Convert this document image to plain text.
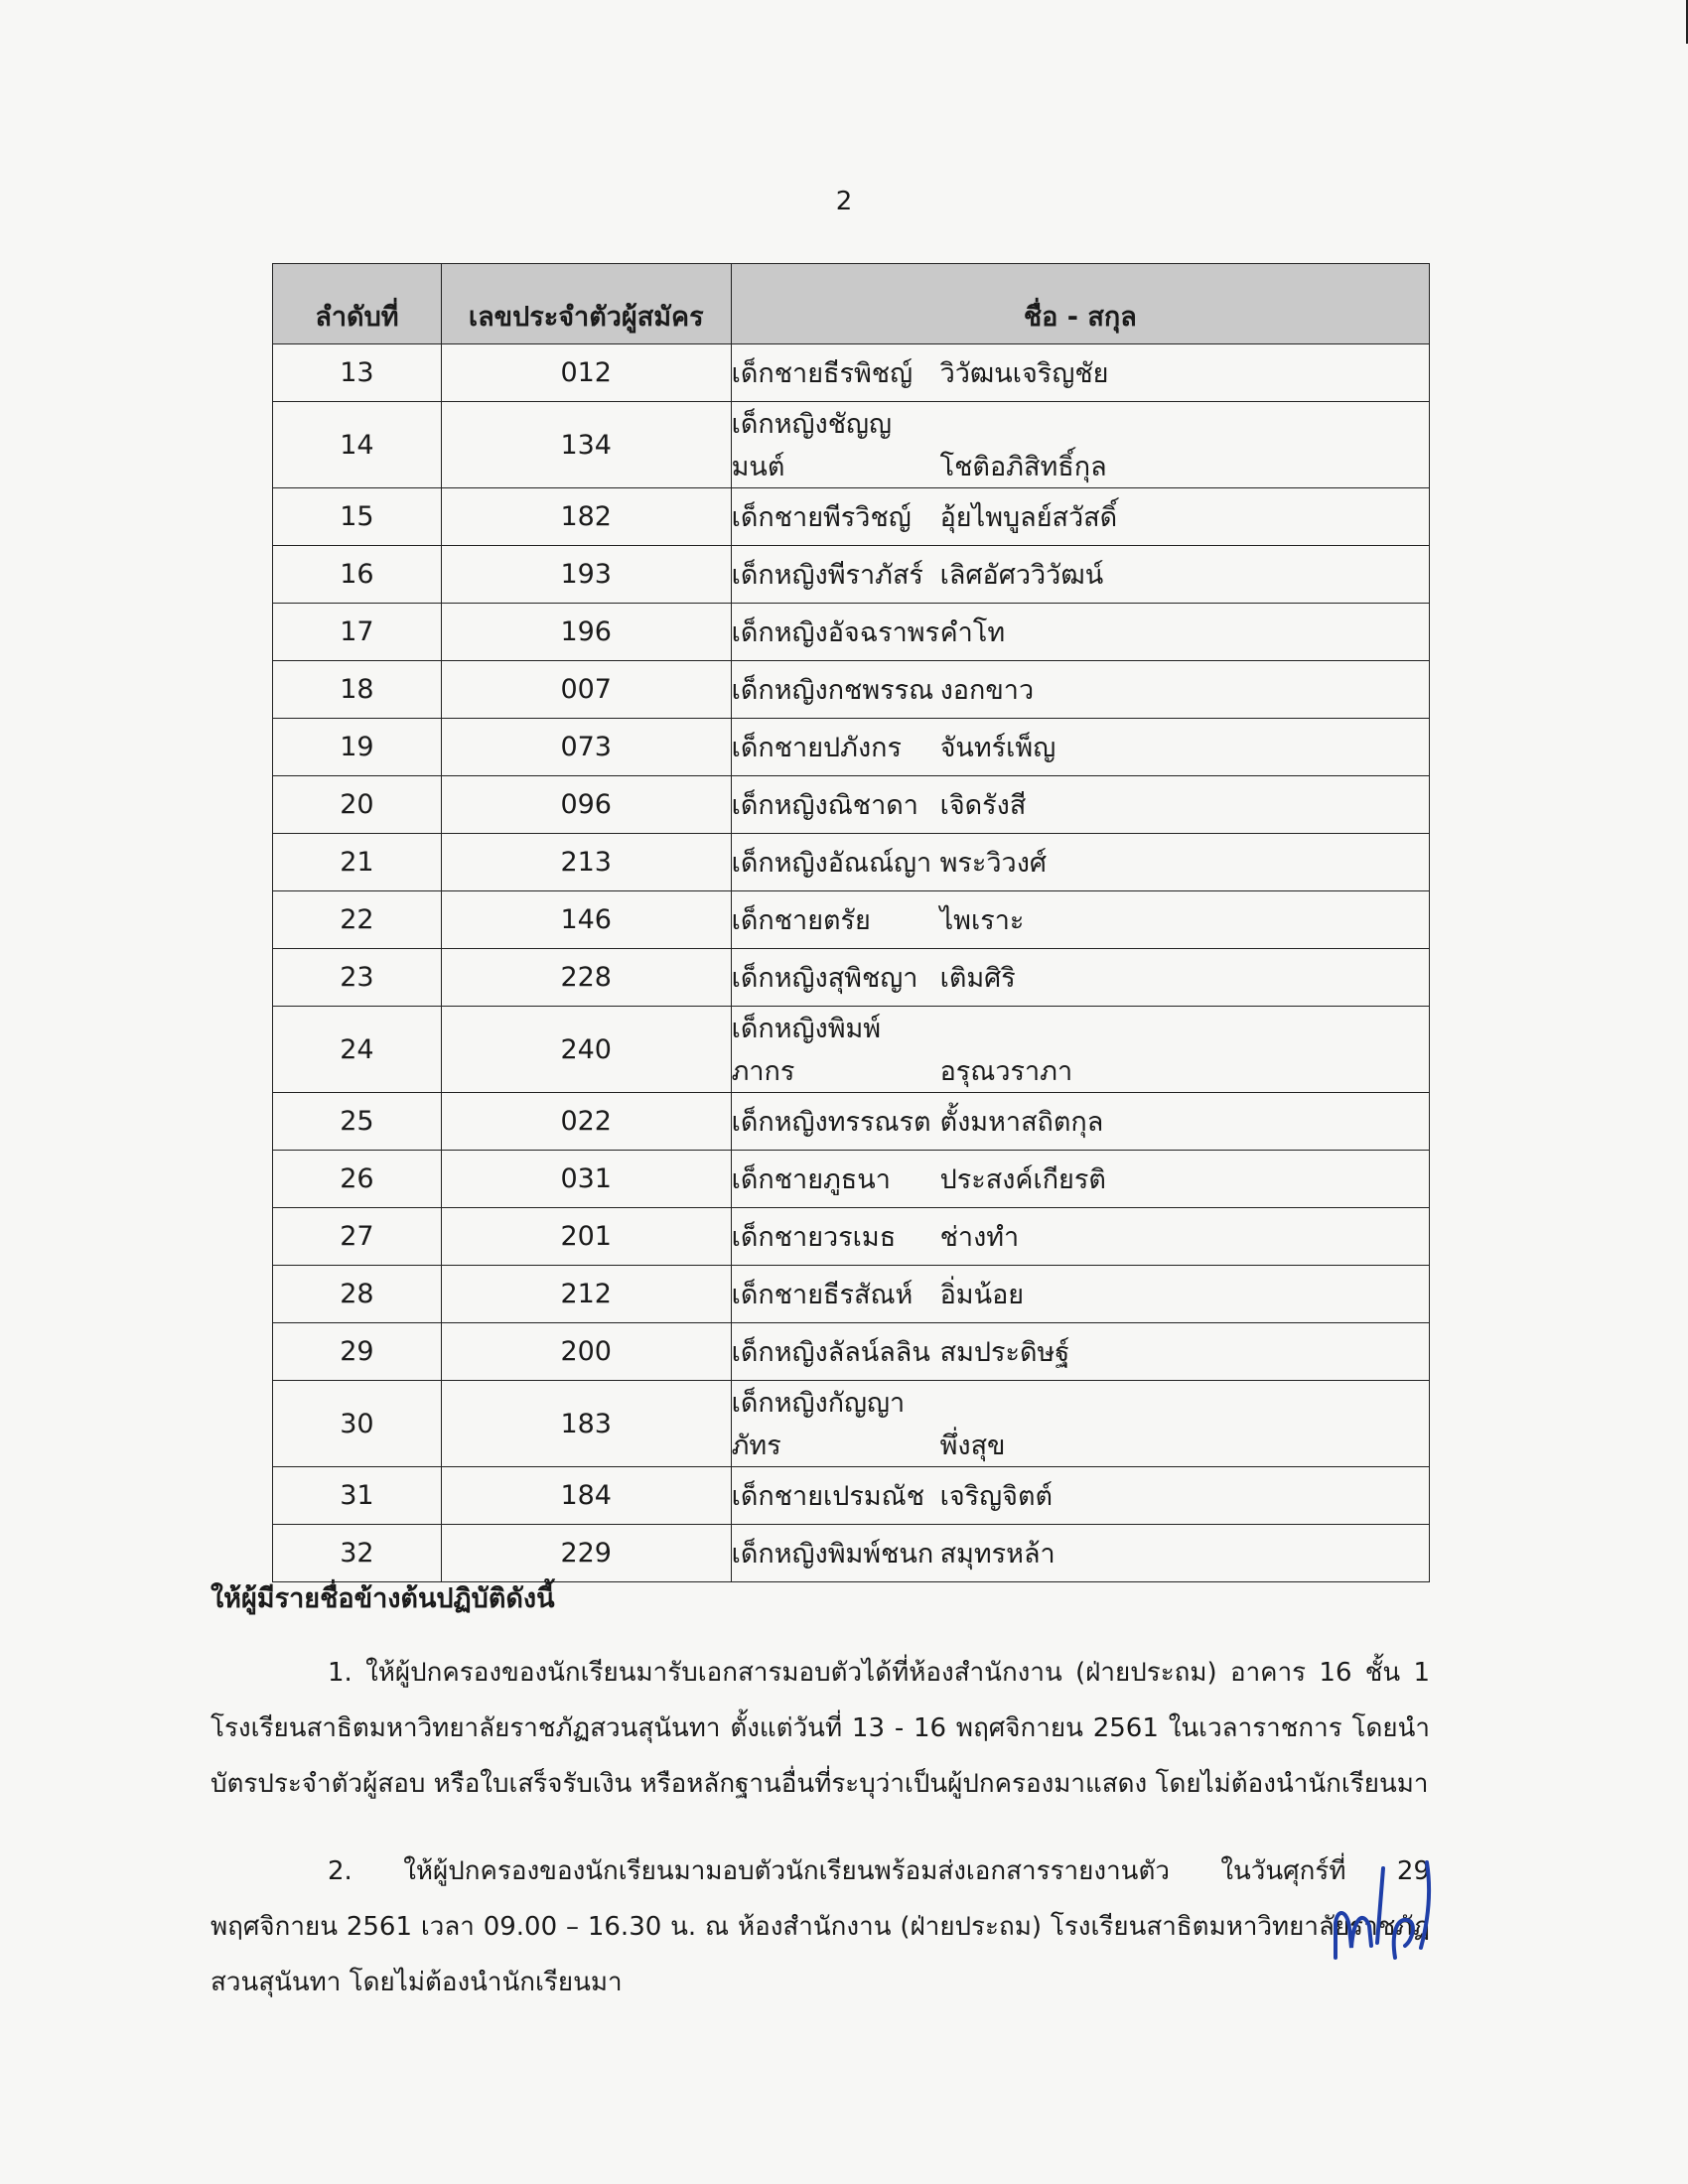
2
ลำดับที่	เลขประจำตัวผู้สมัคร	ชื่อ - สกุล
13	012	เด็กชายธีรพิชญ์ วิวัฒนเจริญชัย
14	134	เด็กหญิงชัญญมนต์ โชติอภิสิทธิ์กุล
15	182	เด็กชายพีรวิชญ์ อุ้ยไพบูลย์สวัสดิ์
16	193	เด็กหญิงพีราภัสร์ เลิศอัศววิวัฒน์
17	196	เด็กหญิงอัจฉราพรคำโท
18	007	เด็กหญิงกชพรรณ งอกขาว
19	073	เด็กชายปภังกร จันทร์เพ็ญ
20	096	เด็กหญิงณิชาดา เจิดรังสี
21	213	เด็กหญิงอัณณ์ญา พระวิวงศ์
22	146	เด็กชายตรัย ไพเราะ
23	228	เด็กหญิงสุพิชญา เติมศิริ
24	240	เด็กหญิงพิมพ์ภากร อรุณวราภา
25	022	เด็กหญิงทรรณรต ตั้งมหาสถิตกุล
26	031	เด็กชายภูธนา ประสงค์เกียรติ
27	201	เด็กชายวรเมธ ช่างทำ
28	212	เด็กชายธีรสัณห์ อิ่มน้อย
29	200	เด็กหญิงลัลน์ลลิน สมประดิษฐ์
30	183	เด็กหญิงกัญญาภัทร พึ่งสุข
31	184	เด็กชายเปรมณัช เจริญจิตต์
32	229	เด็กหญิงพิมพ์ชนก สมุทรหล้า
ให้ผู้มีรายชื่อข้างต้นปฏิบัติดังนี้
1. ให้ผู้ปกครองของนักเรียนมารับเอกสารมอบตัวได้ที่ห้องสำนักงาน (ฝ่ายประถม) อาคาร 16 ชั้น 1 โรงเรียนสาธิตมหาวิทยาลัยราชภัฏสวนสุนันทา ตั้งแต่วันที่ 13 - 16 พฤศจิกายน 2561 ในเวลาราชการ โดยนำบัตรประจำตัวผู้สอบ หรือใบเสร็จรับเงิน หรือหลักฐานอื่นที่ระบุว่าเป็นผู้ปกครองมาแสดง โดยไม่ต้องนำนักเรียนมา
2. ให้ผู้ปกครองของนักเรียนมามอบตัวนักเรียนพร้อมส่งเอกสารรายงานตัว ในวันศุกร์ที่ 29 พฤศจิกายน 2561 เวลา 09.00 – 16.30 น. ณ ห้องสำนักงาน (ฝ่ายประถม) โรงเรียนสาธิตมหาวิทยาลัยราชภัฏสวนสุนันทา โดยไม่ต้องนำนักเรียนมา
